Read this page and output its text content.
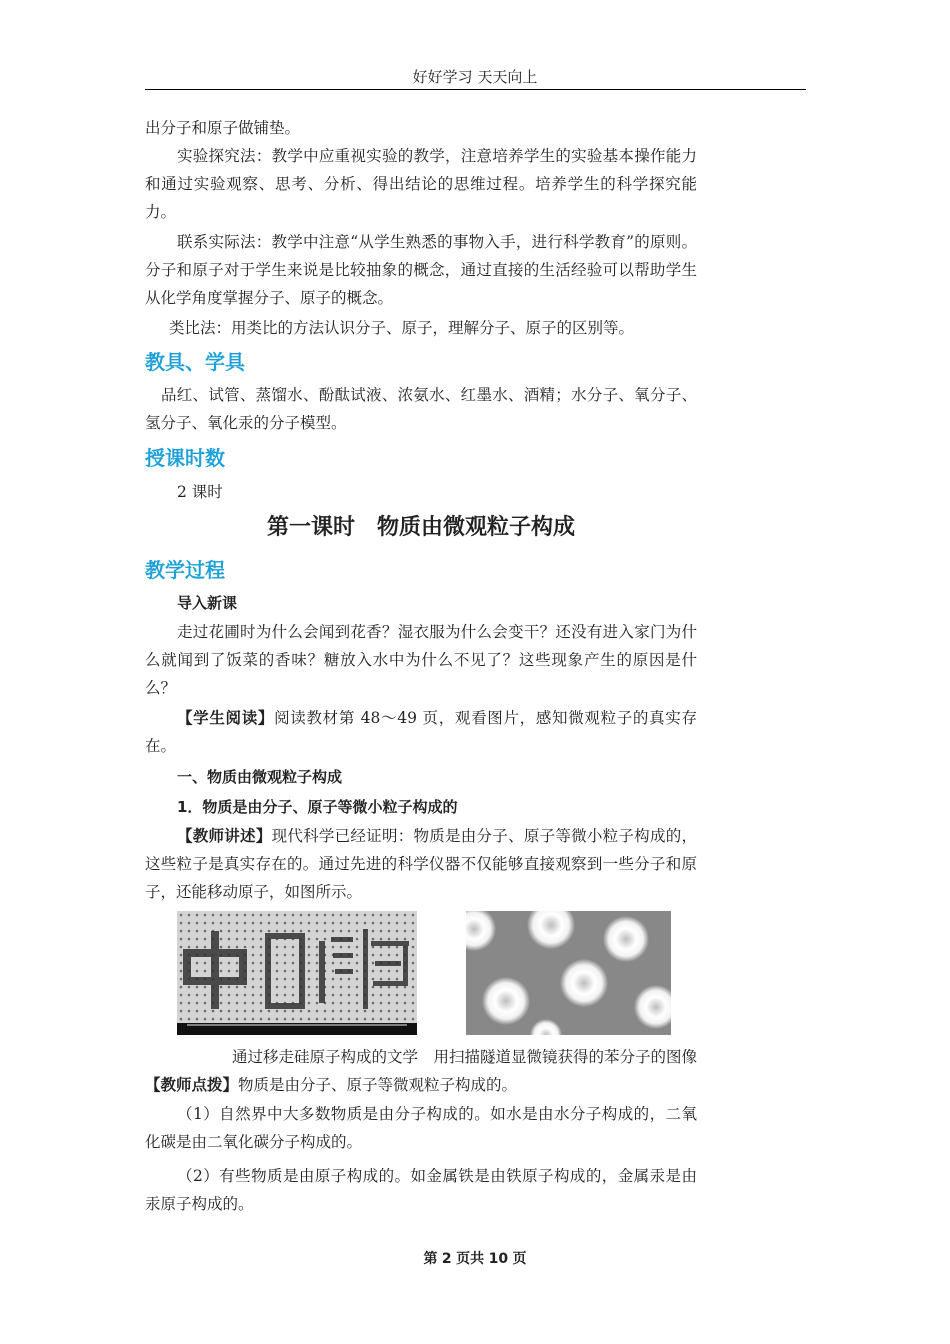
好好学习 天天向上

出分子和原子做铺垫。

实验探究法：教学中应重视实验的教学，注意培养学生的实验基本操作能力和通过实验观察、思考、分析、得出结论的思维过程。培养学生的科学探究能力。

联系实际法：教学中注意“从学生熟悉的事物入手，进行科学教育”的原则。分子和原子对于学生来说是比较抽象的概念，通过直接的生活经验可以帮助学生从化学角度掌握分子、原子的概念。

类比法：用类比的方法认识分子、原子，理解分子、原子的区别等。

教具、学具

品红、试管、蒸馏水、酚酞试液、浓氨水、红墨水、酒精；水分子、氧分子、氢分子、氧化汞的分子模型。

授课时数

2 课时

第一课时　物质由微观粒子构成
教学过程

导入新课

走过花圃时为什么会闻到花香？湿衣服为什么会变干？还没有进入家门为什么就闻到了饭菜的香味？糖放入水中为什么不见了？这些现象产生的原因是什么？

【学生阅读】阅读教材第 48～49 页，观看图片，感知微观粒子的真实存在。

一、物质由微观粒子构成

1．物质是由分子、原子等微小粒子构成的

【教师讲述】现代科学已经证明：物质是由分子、原子等微小粒子构成的，这些粒子是真实存在的。通过先进的科学仪器不仅能够直接观察到一些分子和原子，还能移动原子，如图所示。

通过移走硅原子构成的文学　用扫描隧道显微镜获得的苯分子的图像

【教师点拨】物质是由分子、原子等微观粒子构成的。

（1）自然界中大多数物质是由分子构成的。如水是由水分子构成的，二氧化碳是由二氧化碳分子构成的。

（2）有些物质是由原子构成的。如金属铁是由铁原子构成的，金属汞是由汞原子构成的。

第 2 页共 10 页
